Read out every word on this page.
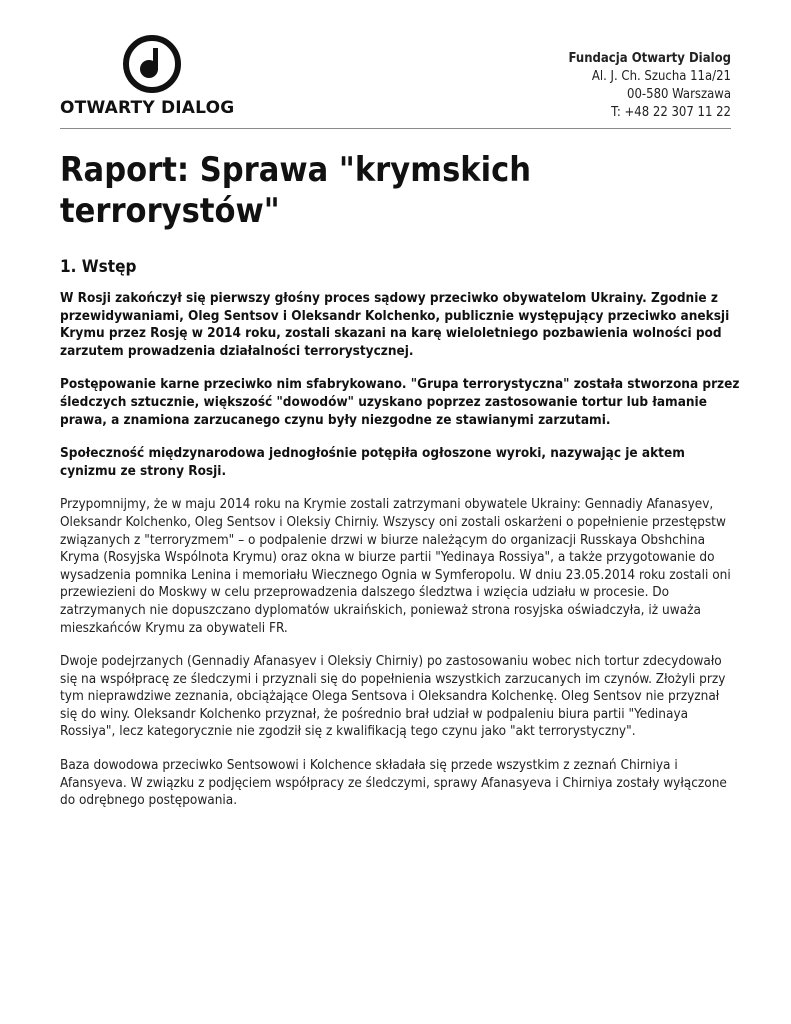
OTWARTY DIALOG
Fundacja Otwarty Dialog
Al. J. Ch. Szucha 11a/21
00-580 Warszawa
T: +48 22 307 11 22
Raport: Sprawa "krymskich terrorystów"
1. Wstęp

W Rosji zakończył się pierwszy głośny proces sądowy przeciwko obywatelom Ukrainy. Zgodnie z przewidywaniami, Oleg Sentsov i Oleksandr Kolchenko, publicznie występujący przeciwko aneksji Krymu przez Rosję w 2014 roku, zostali skazani na karę wieloletniego pozbawienia wolności pod zarzutem prowadzenia działalności terrorystycznej.

Postępowanie karne przeciwko nim sfabrykowano. "Grupa terrorystyczna" została stworzona przez śledczych sztucznie, większość "dowodów" uzyskano poprzez zastosowanie tortur lub łamanie prawa, a znamiona zarzucanego czynu były niezgodne ze stawianymi zarzutami.

Społeczność międzynarodowa jednogłośnie potępiła ogłoszone wyroki, nazywając je aktem cynizmu ze strony Rosji.

Przypomnijmy, że w maju 2014 roku na Krymie zostali zatrzymani obywatele Ukrainy: Gennadiy Afanasyev, Oleksandr Kolchenko, Oleg Sentsov i Oleksiy Chirniy. Wszyscy oni zostali oskarżeni o popełnienie przestępstw związanych z "terroryzmem" – o podpalenie drzwi w biurze należącym do organizacji Russkaya Obshchina Kryma (Rosyjska Wspólnota Krymu) oraz okna w biurze partii "Yedinaya Rossiya", a także przygotowanie do wysadzenia pomnika Lenina i memoriału Wiecznego Ognia w Symferopolu. W dniu 23.05.2014 roku zostali oni przewiezieni do Moskwy w celu przeprowadzenia dalszego śledztwa i wzięcia udziału w procesie. Do zatrzymanych nie dopuszczano dyplomatów ukraińskich, ponieważ strona rosyjska oświadczyła, iż uważa mieszkańców Krymu za obywateli FR.

Dwoje podejrzanych (Gennadiy Afanasyev i Oleksiy Chirniy) po zastosowaniu wobec nich tortur zdecydowało się na współpracę ze śledczymi i przyznali się do popełnienia wszystkich zarzucanych im czynów. Złożyli przy tym nieprawdziwe zeznania, obciążające Olega Sentsova i Oleksandra Kolchenkę. Oleg Sentsov nie przyznał się do winy. Oleksandr Kolchenko przyznał, że pośrednio brał udział w podpaleniu biura partii "Yedinaya Rossiya", lecz kategorycznie nie zgodził się z kwalifikacją tego czynu jako "akt terrorystyczny".

Baza dowodowa przeciwko Sentsowowi i Kolchence składała się przede wszystkim z zeznań Chirniya i Afansyeva. W związku z podjęciem współpracy ze śledczymi, sprawy Afanasyeva i Chirniya zostały wyłączone do odrębnego postępowania.
